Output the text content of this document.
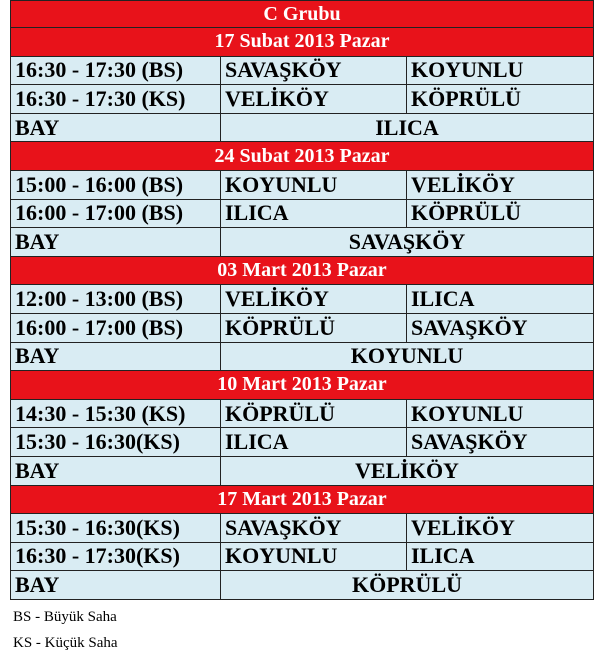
C Grubu
17 Subat 2013 Pazar
16:30 - 17:30 (BS)	SAVAŞKÖY	KOYUNLU
16:30 - 17:30 (KS)	VELİKÖY	KÖPRÜLÜ
BAY	ILICA
24 Subat 2013 Pazar
15:00 - 16:00 (BS)	KOYUNLU	VELİKÖY
16:00 - 17:00 (BS)	ILICA	KÖPRÜLÜ
BAY	SAVAŞKÖY
03 Mart 2013 Pazar
12:00 - 13:00 (BS)	VELİKÖY	ILICA
16:00 - 17:00 (BS)	KÖPRÜLÜ	SAVAŞKÖY
BAY	KOYUNLU
10 Mart 2013 Pazar
14:30 - 15:30 (KS)	KÖPRÜLÜ	KOYUNLU
15:30 - 16:30(KS)	ILICA	SAVAŞKÖY
BAY	VELİKÖY
17 Mart 2013 Pazar
15:30 - 16:30(KS)	SAVAŞKÖY	VELİKÖY
16:30 - 17:30(KS)	KOYUNLU	ILICA
BAY	KÖPRÜLÜ
BS - Büyük Saha
KS - Küçük Saha
